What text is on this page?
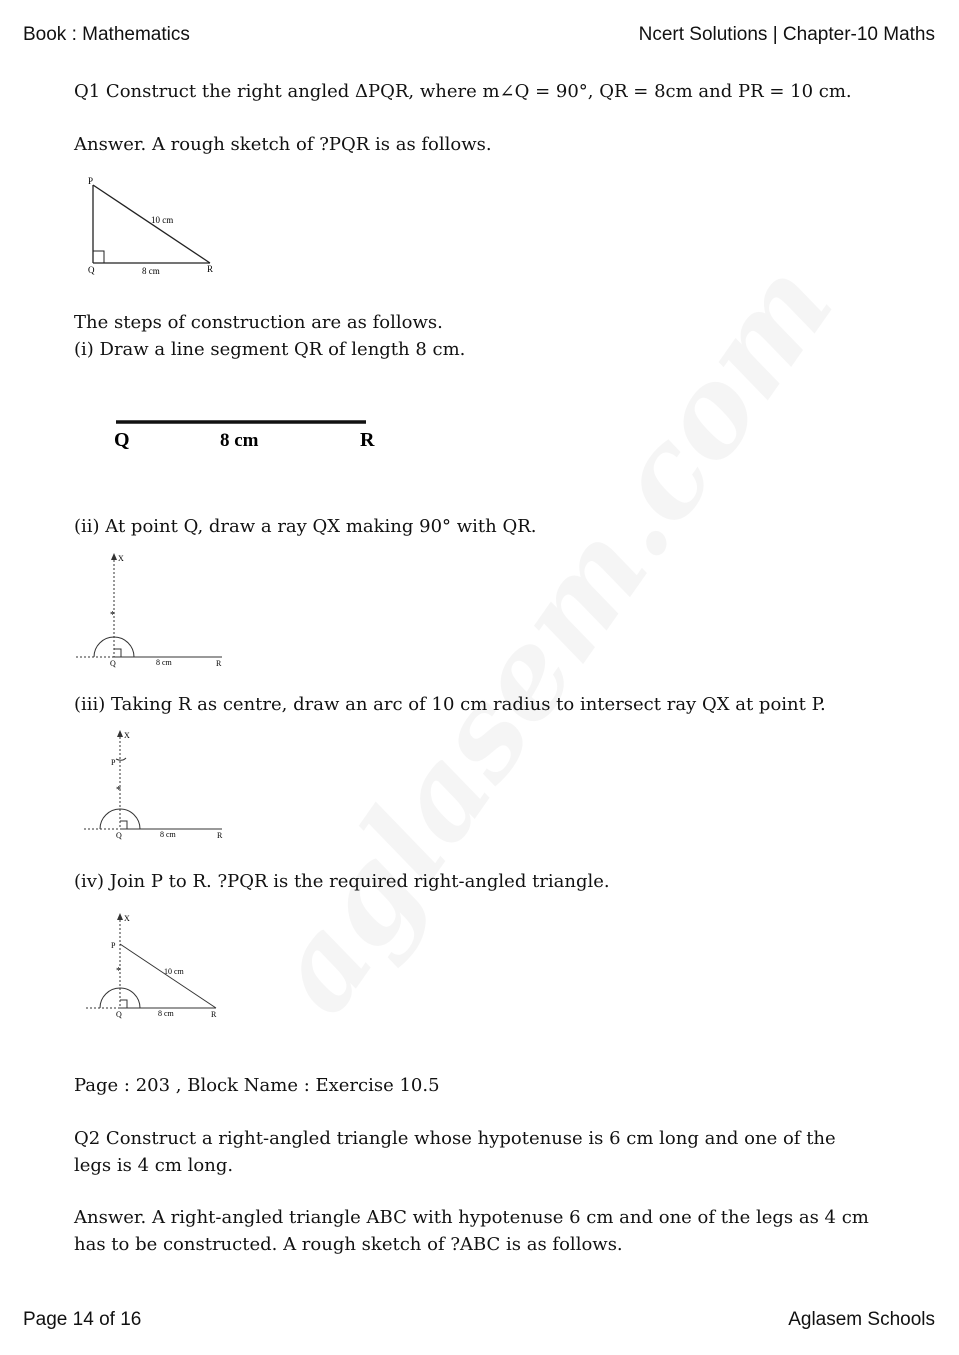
Book : Mathematics	Ncert Solutions | Chapter-10 Maths
Q1 Construct the right angled ΔPQR, where m∠Q = 90°, QR = 8cm and PR = 10 cm.
Answer. A rough sketch of ?PQR is as follows.
P
Q	R
10 cm
8 cm
The steps of construction are as follows.
(i) Draw a line segment QR of length 8 cm.
Q	8 cm	R
(ii) At point Q, draw a ray QX making 90° with QR.
X
*
Q	8 cm	R
(iii) Taking R as centre, draw an arc of 10 cm radius to intersect ray QX at point P.
X
P
*
Q	8 cm	R
(iv) Join P to R. ?PQR is the required right-angled triangle.
X
P
10 cm
*
Q	8 cm	R
Page : 203 , Block Name : Exercise 10.5
Q2 Construct a right-angled triangle whose hypotenuse is 6 cm long and one of the legs is 4 cm long.
Answer. A right-angled triangle ABC with hypotenuse 6 cm and one of the legs as 4 cm has to be constructed. A rough sketch of ?ABC is as follows.
Page 14 of 16	Aglasem Schools
